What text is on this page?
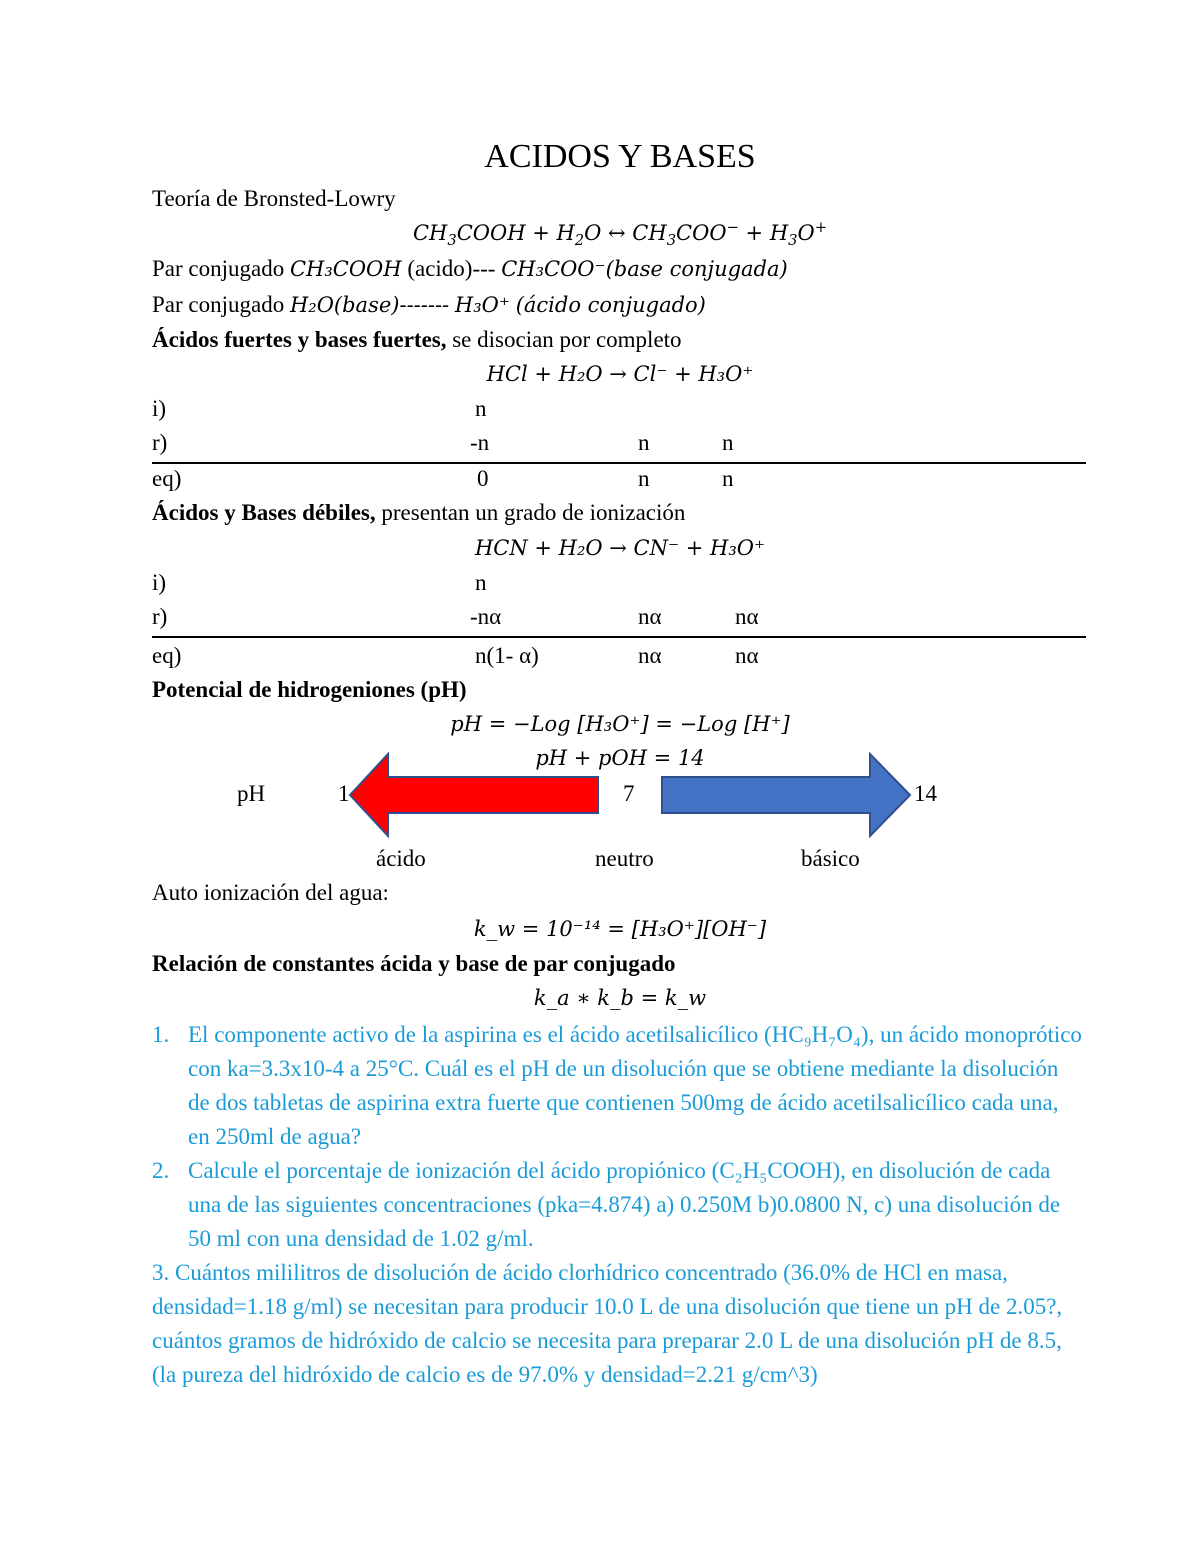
ACIDOS Y BASES
Teoría de Bronsted-Lowry
$CH_3COOH + H_2O$ ↔ $CH_3COO^- + H_3O^+$
Par conjugado CH₃COOH (acido)--- CH₃COO⁻(base conjugada)
Par conjugado H₂O(base)------- H₃O⁺ (ácido conjugado)
Ácidos fuertes y bases fuertes, se disocian por completo
HCl + H₂O → Cl⁻ + H₃O⁺
i)	n
r)	-n	n	n
eq)	0	n	n
Ácidos y Bases débiles, presentan un grado de ionización
HCN + H₂O → CN⁻ + H₃O⁺
i)	n
r)	-nα	nα	nα
eq)	n(1- α)	nα	nα
Potencial de hidrogeniones (pH)
pH = −Log [H₃O⁺] = −Log [H⁺]
pH + pOH = 14
pH	1	7	14
ácido	neutro	básico
Auto ionización del agua:
k_w = 10⁻¹⁴ = [H₃O⁺][OH⁻]
Relación de constantes ácida y base de par conjugado
k_a ∗ k_b = k_w
1. El componente activo de la aspirina es el ácido acetilsalicílico (HC₉H₇O₄), un ácido monoprótico con ka=3.3x10-4 a 25°C. Cuál es el pH de un disolución que se obtiene mediante la disolución de dos tabletas de aspirina extra fuerte que contienen 500mg de ácido acetilsalicílico cada una, en 250ml de agua?
2. Calcule el porcentaje de ionización del ácido propiónico (C₂H₅COOH), en disolución de cada una de las siguientes concentraciones (pka=4.874) a) 0.250M b)0.0800 N, c) una disolución de 50 ml con una densidad de 1.02 g/ml.
3. Cuántos mililitros de disolución de ácido clorhídrico concentrado (36.0% de HCl en masa, densidad=1.18 g/ml) se necesitan para producir 10.0 L de una disolución que tiene un pH de 2.05?, cuántos gramos de hidróxido de calcio se necesita para preparar 2.0 L de una disolución pH de 8.5, (la pureza del hidróxido de calcio es de 97.0% y densidad=2.21 g/cm^3)
